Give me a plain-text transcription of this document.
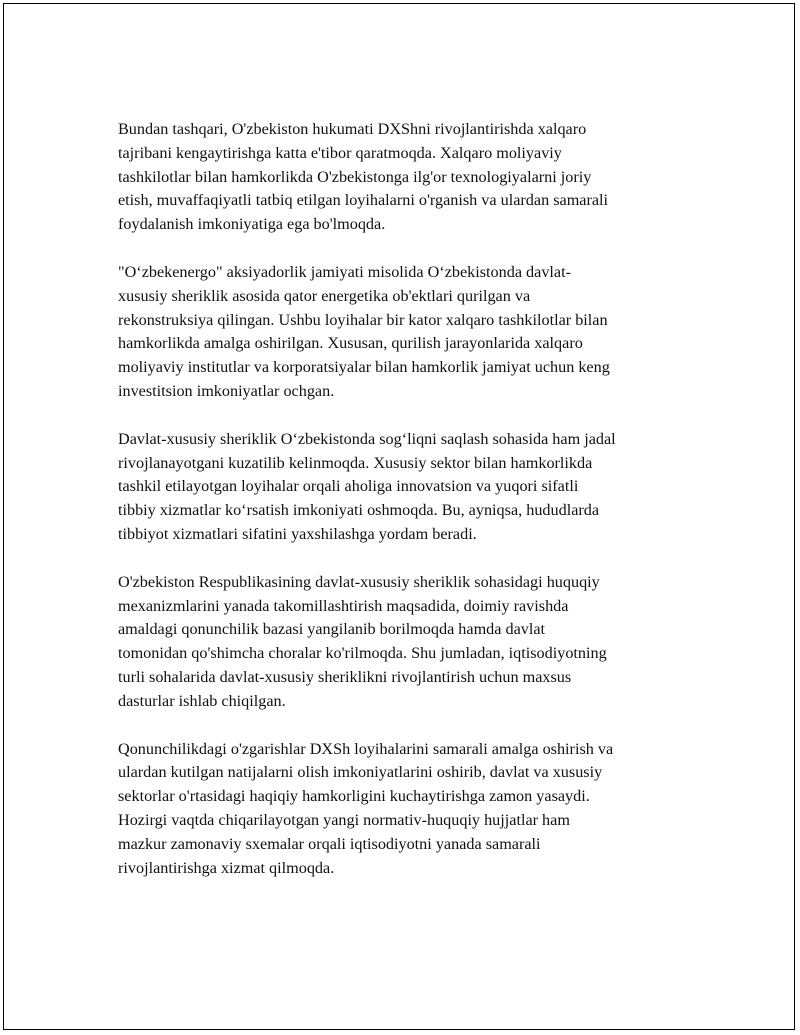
Bundan tashqari, O'zbekiston hukumati DXShni rivojlantirishda xalqaro
tajribani kengaytirishga katta e'tibor qaratmoqda. Xalqaro moliyaviy
tashkilotlar bilan hamkorlikda O'zbekistonga ilg'or texnologiyalarni joriy
etish, muvaffaqiyatli tatbiq etilgan loyihalarni o'rganish va ulardan samarali
foydalanish imkoniyatiga ega bo'lmoqda.

"O‘zbekenergo" aksiyadorlik jamiyati misolida O‘zbekistonda davlat-
xususiy sheriklik asosida qator energetika ob'ektlari qurilgan va
rekonstruksiya qilingan. Ushbu loyihalar bir kator xalqaro tashkilotlar bilan
hamkorlikda amalga oshirilgan. Xususan, qurilish jarayonlarida xalqaro
moliyaviy institutlar va korporatsiyalar bilan hamkorlik jamiyat uchun keng
investitsion imkoniyatlar ochgan.

Davlat-xususiy sheriklik O‘zbekistonda sog‘liqni saqlash sohasida ham jadal
rivojlanayotgani kuzatilib kelinmoqda. Xususiy sektor bilan hamkorlikda
tashkil etilayotgan loyihalar orqali aholiga innovatsion va yuqori sifatli
tibbiy xizmatlar ko‘rsatish imkoniyati oshmoqda. Bu, ayniqsa, hududlarda
tibbiyot xizmatlari sifatini yaxshilashga yordam beradi.

O'zbekiston Respublikasining davlat-xususiy sheriklik sohasidagi huquqiy
mexanizmlarini yanada takomillashtirish maqsadida, doimiy ravishda
amaldagi qonunchilik bazasi yangilanib borilmoqda hamda davlat
tomonidan qo'shimcha choralar ko'rilmoqda. Shu jumladan, iqtisodiyotning
turli sohalarida davlat-xususiy sheriklikni rivojlantirish uchun maxsus
dasturlar ishlab chiqilgan.

Qonunchilikdagi o'zgarishlar DXSh loyihalarini samarali amalga oshirish va
ulardan kutilgan natijalarni olish imkoniyatlarini oshirib, davlat va xususiy
sektorlar o'rtasidagi haqiqiy hamkorligini kuchaytirishga zamon yasaydi.
Hozirgi vaqtda chiqarilayotgan yangi normativ-huquqiy hujjatlar ham
mazkur zamonaviy sxemalar orqali iqtisodiyotni yanada samarali
rivojlantirishga xizmat qilmoqda.
